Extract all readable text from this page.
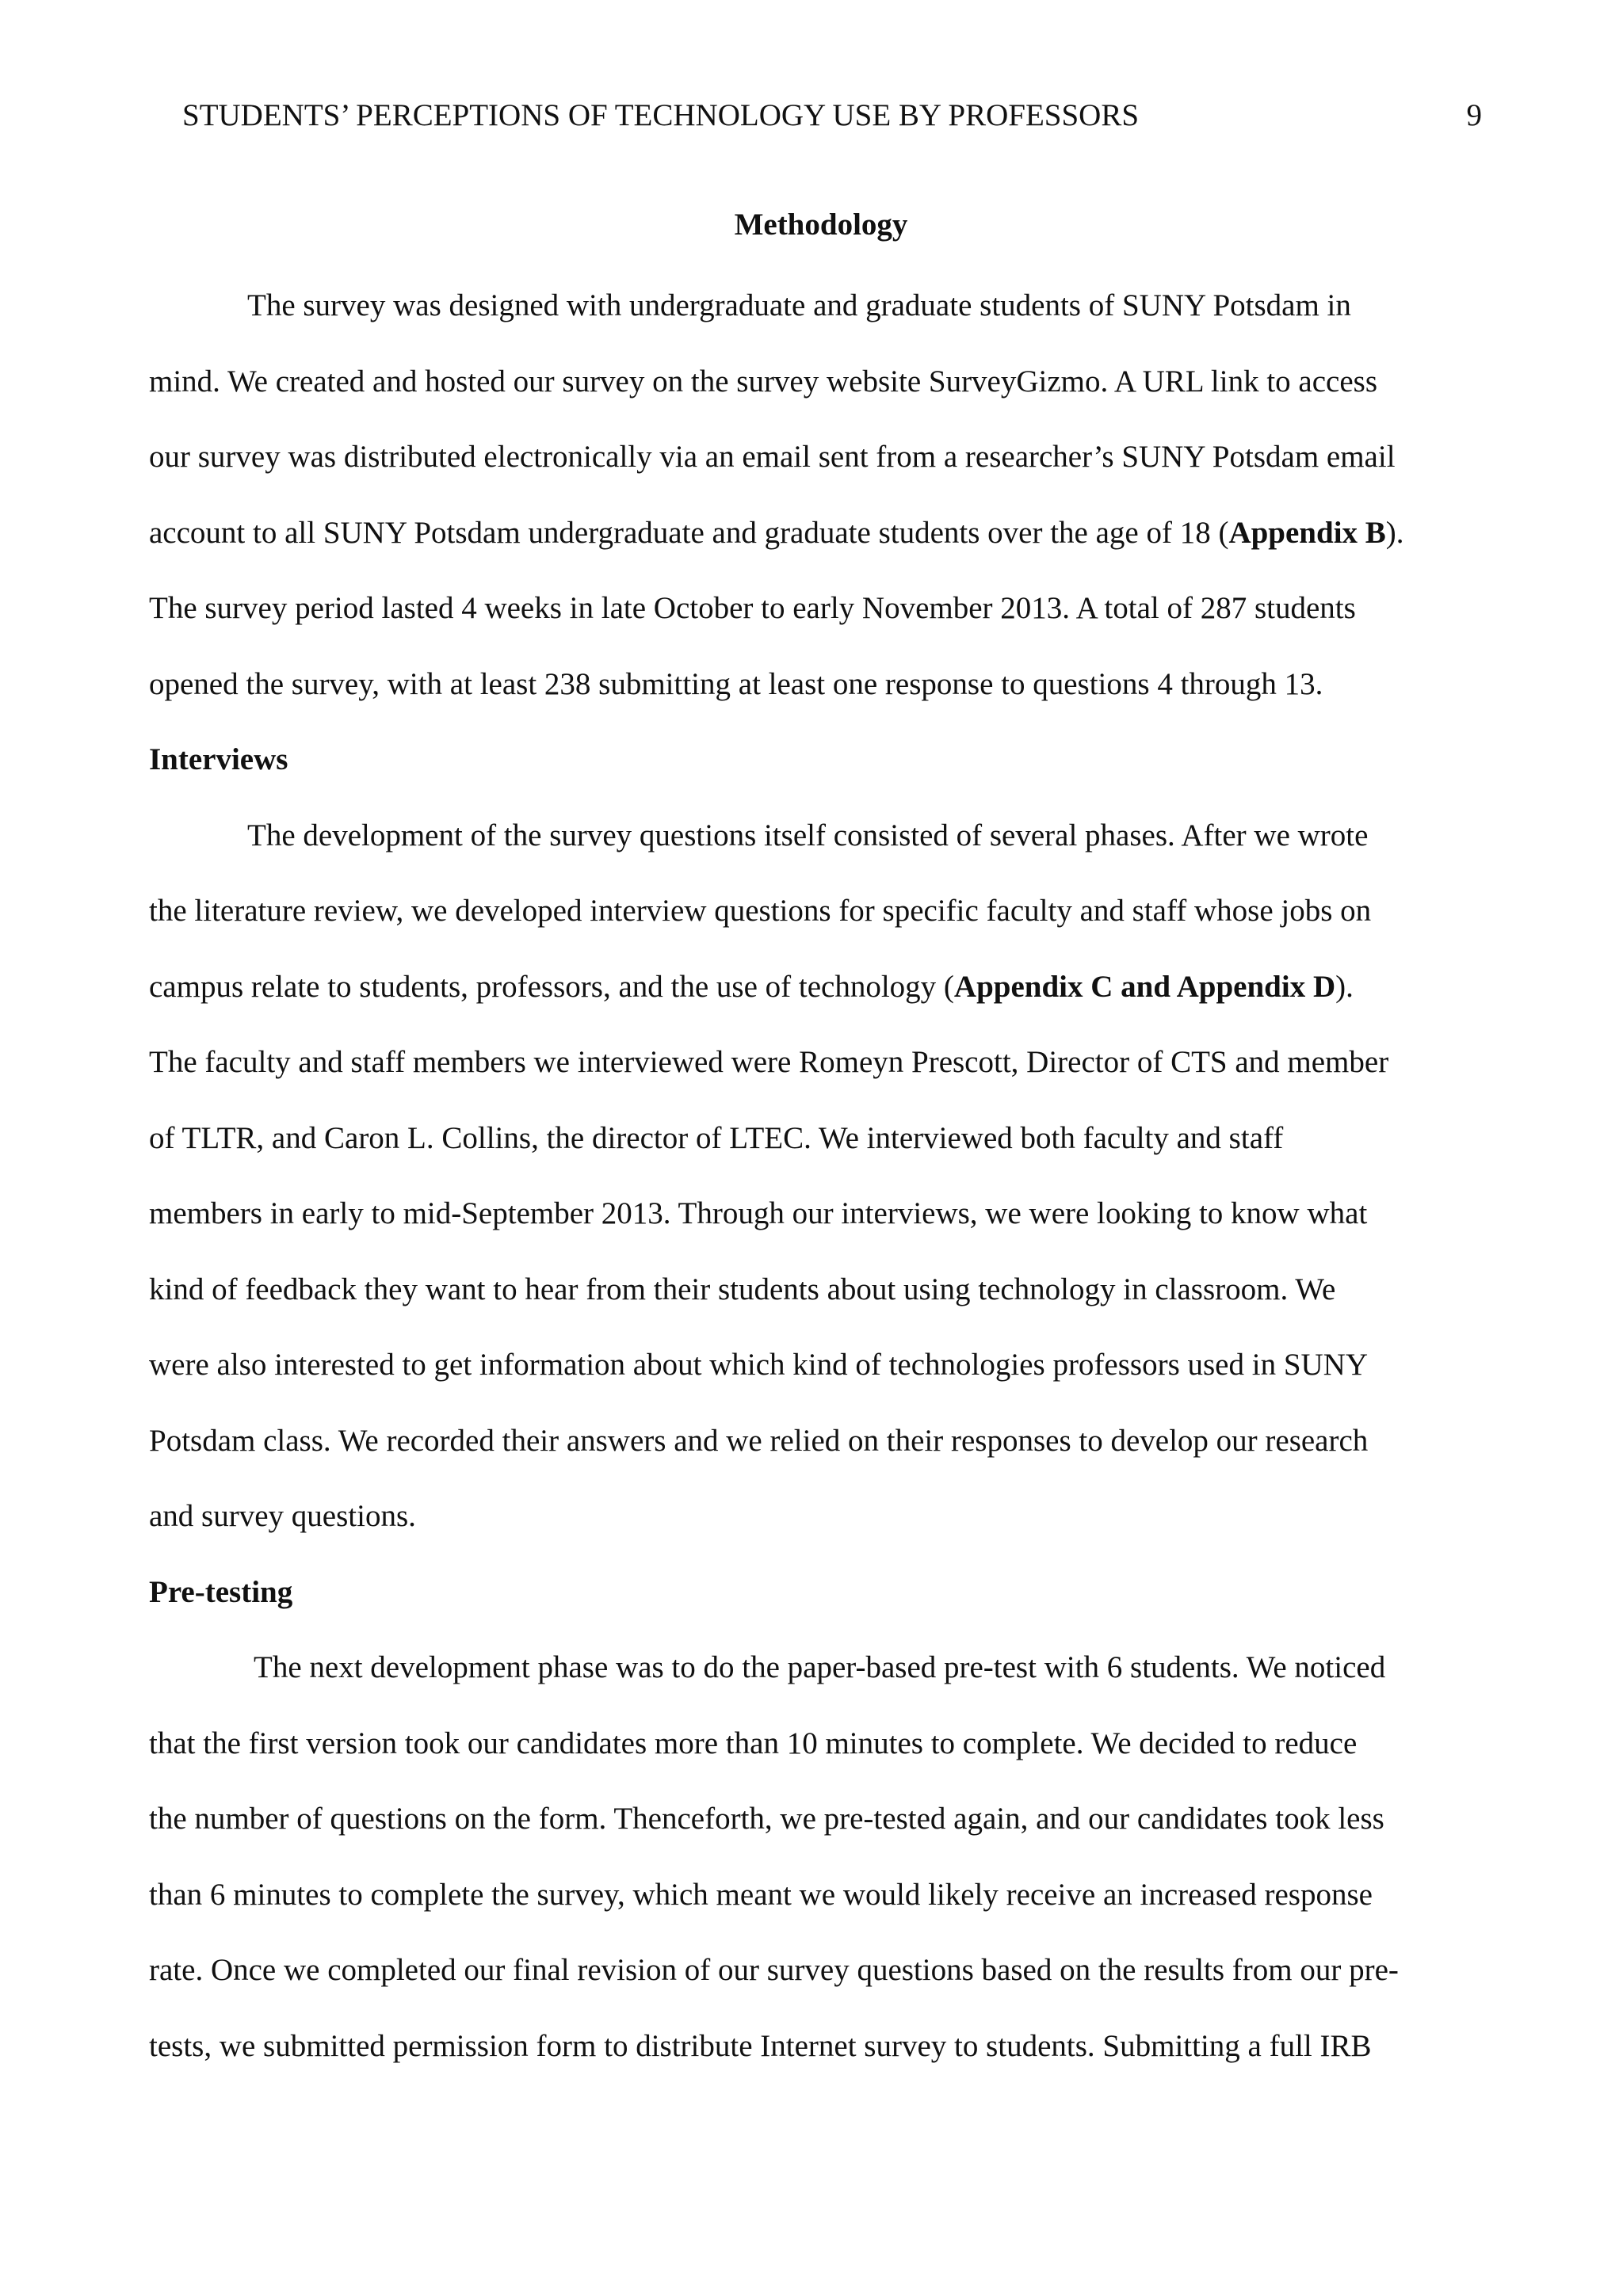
STUDENTS’ PERCEPTIONS OF TECHNOLOGY USE BY PROFESSORS	9
Methodology
The survey was designed with undergraduate and graduate students of SUNY Potsdam in
mind. We created and hosted our survey on the survey website SurveyGizmo. A URL link to access
our survey was distributed electronically via an email sent from a researcher’s SUNY Potsdam email
account to all SUNY Potsdam undergraduate and graduate students over the age of 18 (Appendix B).
The survey period lasted 4 weeks in late October to early November 2013. A total of 287 students
opened the survey, with at least 238 submitting at least one response to questions 4 through 13.
Interviews
The development of the survey questions itself consisted of several phases. After we wrote
the literature review, we developed interview questions for specific faculty and staff whose jobs on
campus relate to students, professors, and the use of technology (Appendix C and Appendix D).
The faculty and staff members we interviewed were Romeyn Prescott, Director of CTS and member
of TLTR, and Caron L. Collins, the director of LTEC. We interviewed both faculty and staff
members in early to mid-September 2013. Through our interviews, we were looking to know what
kind of feedback they want to hear from their students about using technology in classroom. We
were also interested to get information about which kind of technologies professors used in SUNY
Potsdam class. We recorded their answers and we relied on their responses to develop our research
and survey questions.
Pre-testing
The next development phase was to do the paper-based pre-test with 6 students. We noticed
that the first version took our candidates more than 10 minutes to complete. We decided to reduce
the number of questions on the form. Thenceforth, we pre-tested again, and our candidates took less
than 6 minutes to complete the survey, which meant we would likely receive an increased response
rate. Once we completed our final revision of our survey questions based on the results from our pre-
tests, we submitted permission form to distribute Internet survey to students. Submitting a full IRB
